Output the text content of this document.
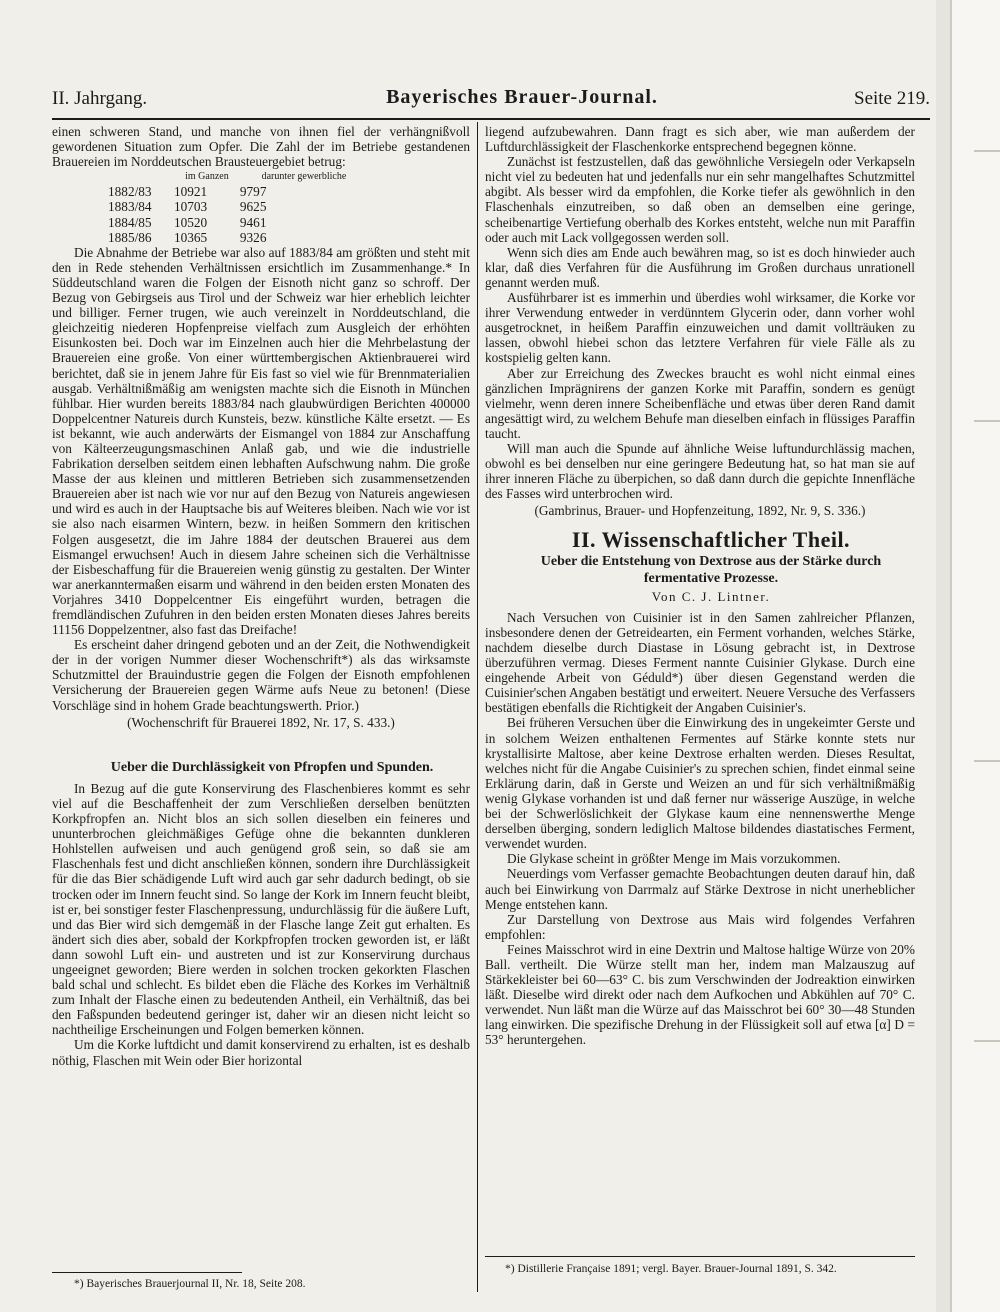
II. Jahrgang.	Bayerisches Brauer-Journal.	Seite 219.

einen schweren Stand, und manche von ihnen fiel der verhängnißvoll gewordenen Situation zum Opfer. Die Zahl der im Betriebe gestandenen Brauereien im Norddeutschen Brausteuergebiet betrug:

	im Ganzen	darunter gewerbliche
1882/83	10921	9797
1883/84	10703	9625
1884/85	10520	9461
1885/86	10365	9326

Die Abnahme der Betriebe war also auf 1883/84 am größten und steht mit den in Rede stehenden Verhältnissen ersichtlich im Zusammenhange.* In Süddeutschland waren die Folgen der Eisnoth nicht ganz so schroff. Der Bezug von Gebirgseis aus Tirol und der Schweiz war hier erheblich leichter und billiger. Ferner trugen, wie auch vereinzelt in Norddeutschland, die gleichzeitig niederen Hopfenpreise vielfach zum Ausgleich der erhöhten Eisunkosten bei. Doch war im Einzelnen auch hier die Mehrbelastung der Brauereien eine große. Von einer württembergischen Aktienbrauerei wird berichtet, daß sie in jenem Jahre für Eis fast so viel wie für Brennmaterialien ausgab. Verhältnißmäßig am wenigsten machte sich die Eisnoth in München fühlbar. Hier wurden bereits 1883/84 nach glaubwürdigen Berichten 400000 Doppelcentner Natureis durch Kunsteis, bezw. künstliche Kälte ersetzt. — Es ist bekannt, wie auch anderwärts der Eismangel von 1884 zur Anschaffung von Kälteerzeugungsmaschinen Anlaß gab, und wie die industrielle Fabrikation derselben seitdem einen lebhaften Aufschwung nahm. Die große Masse der aus kleinen und mittleren Betrieben sich zusammensetzenden Brauereien aber ist nach wie vor nur auf den Bezug von Natureis angewiesen und wird es auch in der Hauptsache bis auf Weiteres bleiben. Nach wie vor ist sie also nach eisarmen Wintern, bezw. in heißen Sommern den kritischen Folgen ausgesetzt, die im Jahre 1884 der deutschen Brauerei aus dem Eismangel erwuchsen! Auch in diesem Jahre scheinen sich die Verhältnisse der Eisbeschaffung für die Brauereien wenig günstig zu gestalten. Der Winter war anerkanntermaßen eisarm und während in den beiden ersten Monaten des Vorjahres 3410 Doppelcentner Eis eingeführt wurden, betragen die fremdländischen Zufuhren in den beiden ersten Monaten dieses Jahres bereits 11156 Doppelzentner, also fast das Dreifache!

Es erscheint daher dringend geboten und an der Zeit, die Nothwendigkeit der in der vorigen Nummer dieser Wochenschrift*) als das wirksamste Schutzmittel der Brauindustrie gegen die Folgen der Eisnoth empfohlenen Versicherung der Brauereien gegen Wärme aufs Neue zu betonen! (Diese Vorschläge sind in hohem Grade beachtungswerth. Prior.)

(Wochenschrift für Brauerei 1892, Nr. 17, S. 433.)

Ueber die Durchlässigkeit von Pfropfen und Spunden.

In Bezug auf die gute Konservirung des Flaschenbieres kommt es sehr viel auf die Beschaffenheit der zum Verschließen derselben benützten Korkpfropfen an. Nicht blos an sich sollen dieselben ein feineres und ununterbrochen gleichmäßiges Gefüge ohne die bekannten dunkleren Hohlstellen aufweisen und auch genügend groß sein, so daß sie am Flaschenhals fest und dicht anschließen können, sondern ihre Durchlässigkeit für die das Bier schädigende Luft wird auch gar sehr dadurch bedingt, ob sie trocken oder im Innern feucht sind. So lange der Kork im Innern feucht bleibt, ist er, bei sonstiger fester Flaschenpressung, undurchlässig für die äußere Luft, und das Bier wird sich demgemäß in der Flasche lange Zeit gut erhalten. Es ändert sich dies aber, sobald der Korkpfropfen trocken geworden ist, er läßt dann sowohl Luft ein- und austreten und ist zur Konservirung durchaus ungeeignet geworden; Biere werden in solchen trocken gekorkten Flaschen bald schal und schlecht. Es bildet eben die Fläche des Korkes im Verhältniß zum Inhalt der Flasche einen zu bedeutenden Antheil, ein Verhältniß, das bei den Faßspunden bedeutend geringer ist, daher wir an diesen nicht leicht so nachtheilige Erscheinungen und Folgen bemerken können.

Um die Korke luftdicht und damit konservirend zu erhalten, ist es deshalb nöthig, Flaschen mit Wein oder Bier horizontal

*) Bayerisches Brauerjournal II, Nr. 18, Seite 208.

liegend aufzubewahren. Dann fragt es sich aber, wie man außerdem der Luftdurchlässigkeit der Flaschenkorke entsprechend begegnen könne.

Zunächst ist festzustellen, daß das gewöhnliche Versiegeln oder Verkapseln nicht viel zu bedeuten hat und jedenfalls nur ein sehr mangelhaftes Schutzmittel abgibt. Als besser wird da empfohlen, die Korke tiefer als gewöhnlich in den Flaschenhals einzutreiben, so daß oben an demselben eine geringe, scheibenartige Vertiefung oberhalb des Korkes entsteht, welche nun mit Paraffin oder auch mit Lack vollgegossen werden soll.

Wenn sich dies am Ende auch bewähren mag, so ist es doch hinwieder auch klar, daß dies Verfahren für die Ausführung im Großen durchaus unrationell genannt werden muß.

Ausführbarer ist es immerhin und überdies wohl wirksamer, die Korke vor ihrer Verwendung entweder in verdünntem Glycerin oder, dann vorher wohl ausgetrocknet, in heißem Paraffin einzuweichen und damit vollträuken zu lassen, obwohl hiebei schon das letztere Verfahren für viele Fälle als zu kostspielig gelten kann.

Aber zur Erreichung des Zweckes braucht es wohl nicht einmal eines gänzlichen Imprägnirens der ganzen Korke mit Paraffin, sondern es genügt vielmehr, wenn deren innere Scheibenfläche und etwas über deren Rand damit angesättigt wird, zu welchem Behufe man dieselben einfach in flüssiges Paraffin taucht.

Will man auch die Spunde auf ähnliche Weise luftundurchlässig machen, obwohl es bei denselben nur eine geringere Bedeutung hat, so hat man sie auf ihrer inneren Fläche zu überpichen, so daß dann durch die gepichte Innenfläche des Fasses wird unterbrochen wird.

(Gambrinus, Brauer- und Hopfenzeitung, 1892, Nr. 9, S. 336.)

II. Wissenschaftlicher Theil.

Ueber die Entstehung von Dextrose aus der Stärke durch

fermentative Prozesse.

Von C. J. Lintner.

Nach Versuchen von Cuisinier ist in den Samen zahlreicher Pflanzen, insbesondere denen der Getreidearten, ein Ferment vorhanden, welches Stärke, nachdem dieselbe durch Diastase in Lösung gebracht ist, in Dextrose überzuführen vermag. Dieses Ferment nannte Cuisinier Glykase. Durch eine eingehende Arbeit von Géduld*) über diesen Gegenstand werden die Cuisinier'schen Angaben bestätigt und erweitert. Neuere Versuche des Verfassers bestätigen ebenfalls die Richtigkeit der Angaben Cuisinier's.

Bei früheren Versuchen über die Einwirkung des in ungekeimter Gerste und in solchem Weizen enthaltenen Fermentes auf Stärke konnte stets nur krystallisirte Maltose, aber keine Dextrose erhalten werden. Dieses Resultat, welches nicht für die Angabe Cuisinier's zu sprechen schien, findet einmal seine Erklärung darin, daß in Gerste und Weizen an und für sich verhältnißmäßig wenig Glykase vorhanden ist und daß ferner nur wässerige Auszüge, in welche bei der Schwerlöslichkeit der Glykase kaum eine nennenswerthe Menge derselben überging, sondern lediglich Maltose bildendes diastatisches Ferment, verwendet wurden.

Die Glykase scheint in größter Menge im Mais vorzukommen.

Neuerdings vom Verfasser gemachte Beobachtungen deuten darauf hin, daß auch bei Einwirkung von Darrmalz auf Stärke Dextrose in nicht unerheblicher Menge entstehen kann.

Zur Darstellung von Dextrose aus Mais wird folgendes Verfahren empfohlen:

Feines Maisschrot wird in eine Dextrin und Maltose haltige Würze von 20% Ball. vertheilt. Die Würze stellt man her, indem man Malzauszug auf Stärkekleister bei 60—63° C. bis zum Verschwinden der Jodreaktion einwirken läßt. Dieselbe wird direkt oder nach dem Aufkochen und Abkühlen auf 70° C. verwendet. Nun läßt man die Würze auf das Maisschrot bei 60° 30—48 Stunden lang einwirken. Die spezifische Drehung in der Flüssigkeit soll auf etwa [α] D = 53° heruntergehen.

*) Distillerie Française 1891; vergl. Bayer. Brauer-Journal 1891, S. 342.
